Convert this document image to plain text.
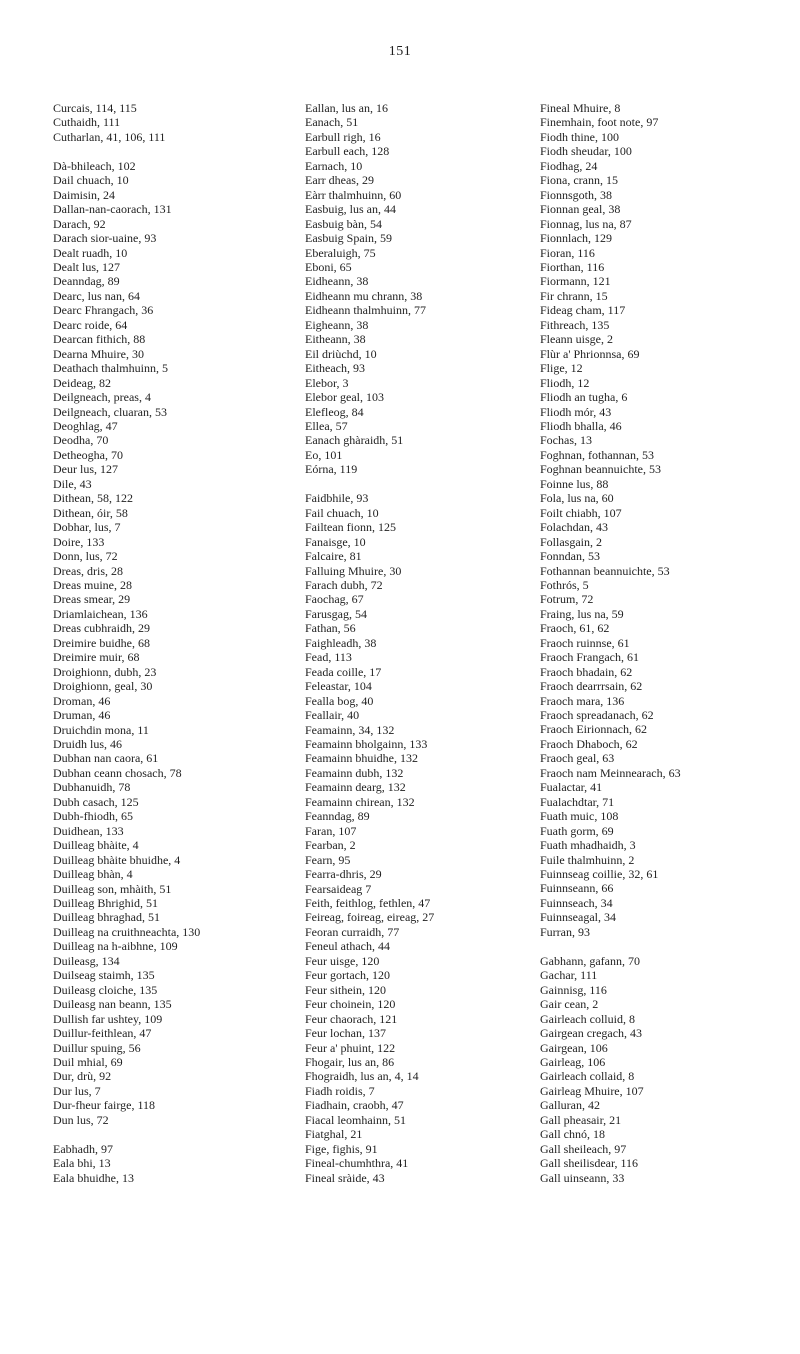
151
Curcais, 114, 115
Cuthaidh, 111
Cutharlan, 41, 106, 111
Dà-bhileach, 102
Dail chuach, 10
Daimisin, 24
Dallan-nan-caorach, 131
Darach, 92
Darach sior-uaine, 93
Dealt ruadh, 10
Dealt lus, 127
Deanndag, 89
Dearc, lus nan, 64
Dearc Fhrangach, 36
Dearc roide, 64
Dearcan fithich, 88
Dearna Mhuire, 30
Deathach thalmhuinn, 5
Deideag, 82
Deilgneach, preas, 4
Deilgneach, cluaran, 53
Deoghlag, 47
Deodha, 70
Detheogha, 70
Deur lus, 127
Dile, 43
Dithean, 58, 122
Dithean, óir, 58
Dobhar, lus, 7
Doire, 133
Donn, lus, 72
Dreas, dris, 28
Dreas muine, 28
Dreas smear, 29
Driamlaichean, 136
Dreas cubhraidh, 29
Dreimire buidhe, 68
Dreimire muir, 68
Droighionn, dubh, 23
Droighionn, geal, 30
Droman, 46
Druman, 46
Druichdin mona, 11
Druidh lus, 46
Dubhan nan caora, 61
Dubhan ceann chosach, 78
Dubhanuidh, 78
Dubh casach, 125
Dubh-fhiodh, 65
Duidhean, 133
Duilleag bhàite, 4
Duilleag bhàite bhuidhe, 4
Duilleag bhàn, 4
Duilleag son, mhàith, 51
Duilleag Bhrighid, 51
Duilleag bhraghad, 51
Duilleag na cruithneachta, 130
Duilleag na h-aibhne, 109
Duileasg, 134
Duilseag staimh, 135
Duileasg cloiche, 135
Duileasg nan beann, 135
Dullish far ushtey, 109
Duillur-feithlean, 47
Duillur spuing, 56
Duil mhial, 69
Dur, drù, 92
Dur lus, 7
Dur-fheur fairge, 118
Dun lus, 72
Eabhadh, 97
Eala bhi, 13
Eala bhuidhe, 13
Eallan, lus an, 16
Eanach, 51
Earbull righ, 16
Earbull each, 128
Earnach, 10
Earr dheas, 29
Eàrr thalmhuinn, 60
Easbuig, lus an, 44
Easbuig bàn, 54
Easbuig Spain, 59
Eberaluigh, 75
Eboni, 65
Eidheann, 38
Eidheann mu chrann, 38
Eidheann thalmhuinn, 77
Eigheann, 38
Eitheann, 38
Eil driùchd, 10
Eitheach, 93
Elebor, 3
Elebor geal, 103
Elefleog, 84
Ellea, 57
Eanach ghàraidh, 51
Eo, 101
Eórna, 119
Faidbhile, 93
Fail chuach, 10
Failtean fionn, 125
Fanaisge, 10
Falcaire, 81
Falluing Mhuire, 30
Farach dubh, 72
Faochag, 67
Farusgag, 54
Fathan, 56
Faighleadh, 38
Fead, 113
Feada coille, 17
Feleastar, 104
Fealla bog, 40
Feallair, 40
Feamainn, 34, 132
Feamainn bholgainn, 133
Feamainn bhuidhe, 132
Feamainn dubh, 132
Feamainn dearg, 132
Feamainn chirean, 132
Feanndag, 89
Faran, 107
Fearban, 2
Fearn, 95
Fearra-dhris, 29
Fearsaideag 7
Feith, feithlog, fethlen, 47
Feireag, foireag, eireag, 27
Feoran curraidh, 77
Feneul athach, 44
Feur uisge, 120
Feur gortach, 120
Feur sithein, 120
Feur choinein, 120
Feur chaorach, 121
Feur lochan, 137
Feur a' phuint, 122
Fhogair, lus an, 86
Fhograidh, lus an, 4, 14
Fiadh roidis, 7
Fiadhain, craobh, 47
Fiacal leomhainn, 51
Fiatghal, 21
Fige, fighis, 91
Fineal-chumhthra, 41
Fineal sràide, 43
Fineal Mhuire, 8
Finemhain, foot note, 97
Fiodh thine, 100
Fiodh sheudar, 100
Fiodhag, 24
Fiona, crann, 15
Fionnsgoth, 38
Fionnan geal, 38
Fionnag, lus na, 87
Fionnlach, 129
Fioran, 116
Fiorthan, 116
Fiormann, 121
Fir chrann, 15
Fideag cham, 117
Fithreach, 135
Fleann uisge, 2
Flùr a' Phrionnsa, 69
Flige, 12
Fliodh, 12
Fliodh an tugha, 6
Fliodh mór, 43
Fliodh bhalla, 46
Fochas, 13
Foghnan, fothannan, 53
Foghnan beannuichte, 53
Foinne lus, 88
Fola, lus na, 60
Foilt chiabh, 107
Folachdan, 43
Follasgain, 2
Fonndan, 53
Fothannan beannuichte, 53
Fothrós, 5
Fotrum, 72
Fraing, lus na, 59
Fraoch, 61, 62
Fraoch ruinnse, 61
Fraoch Frangach, 61
Fraoch bhadain, 62
Fraoch dearrrsain, 62
Fraoch mara, 136
Fraoch spreadanach, 62
Fraoch Eirionnach, 62
Fraoch Dhaboch, 62
Fraoch geal, 63
Fraoch nam Meinnearach, 63
Fualactar, 41
Fualachdtar, 71
Fuath muic, 108
Fuath gorm, 69
Fuath mhadhaidh, 3
Fuile thalmhuinn, 2
Fuinnseag coillie, 32, 61
Fuinnseann, 66
Fuinnseach, 34
Fuinnseagal, 34
Furran, 93
Gabhann, gafann, 70
Gachar, 111
Gainnisg, 116
Gair cean, 2
Gairleach colluid, 8
Gairgean cregach, 43
Gairgean, 106
Gairleag, 106
Gairleach collaid, 8
Gairleag Mhuire, 107
Galluran, 42
Gall pheasair, 21
Gall chnó, 18
Gall sheileach, 97
Gall sheilisdear, 116
Gall uinseann, 33
